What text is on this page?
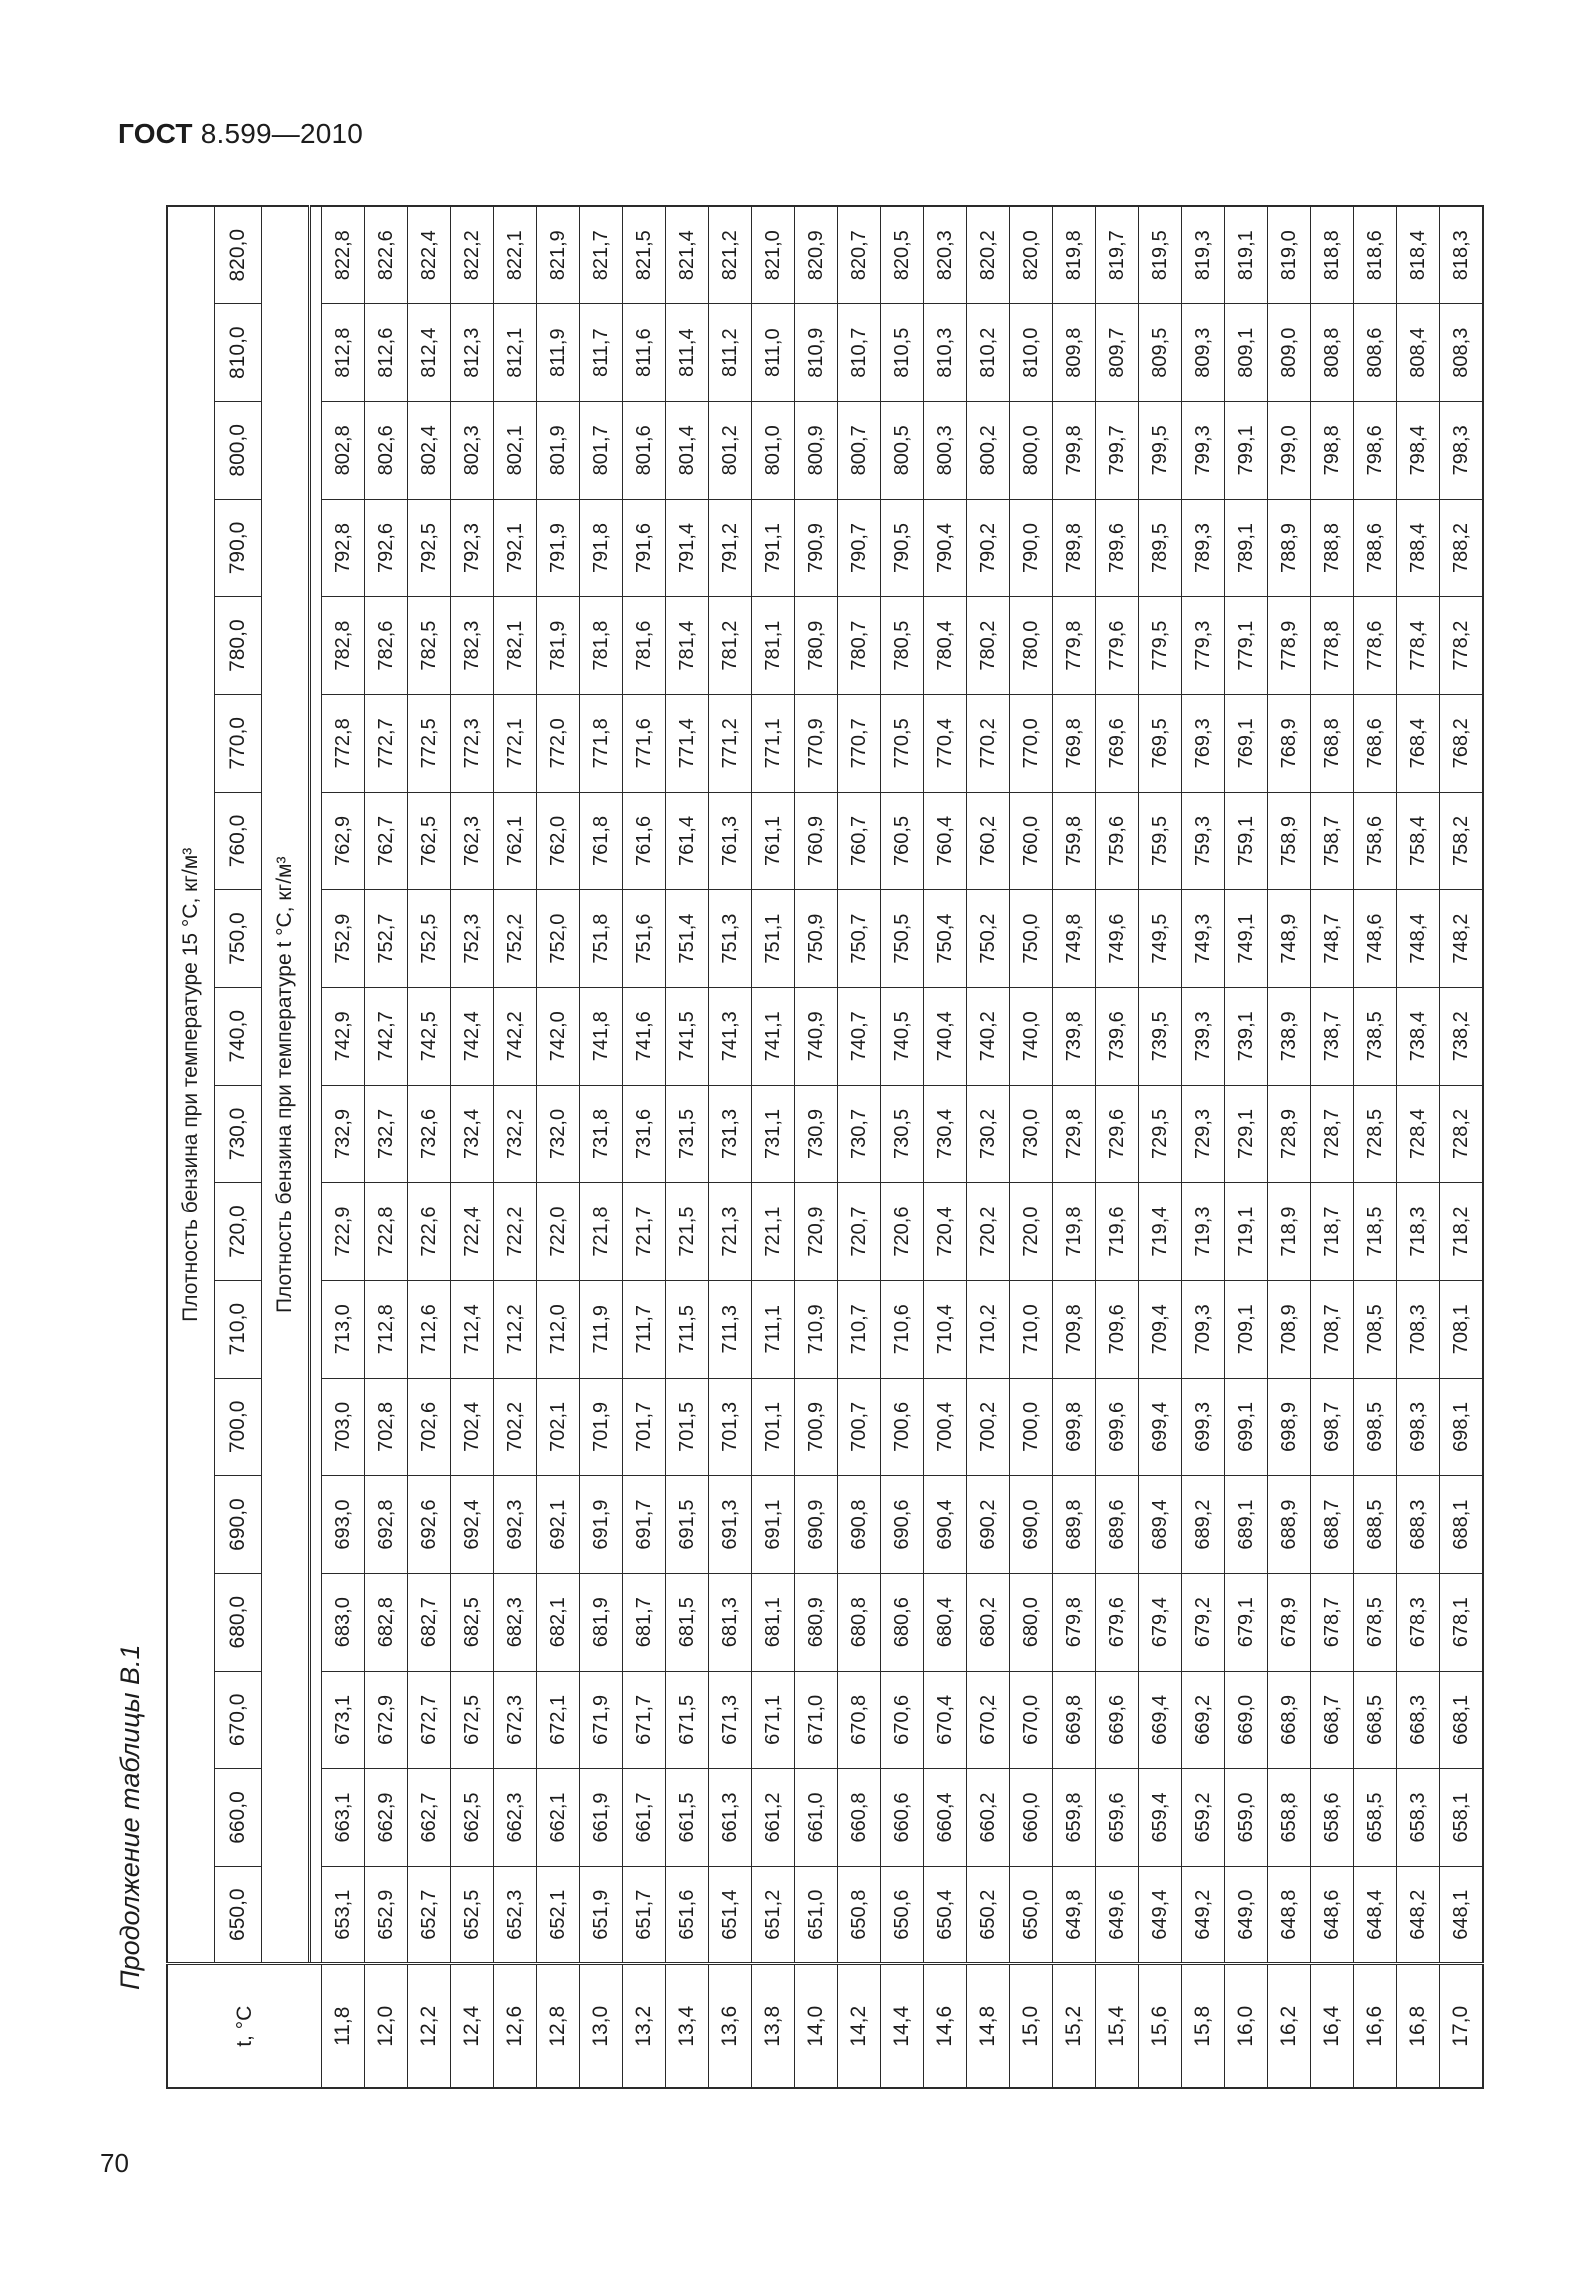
ГОСТ 8.599—2010
70
Продолжение таблицы В.1
t, °C	Плотность бензина при температуре 15 °C, кг/м³																	
	650,0	660,0	670,0	680,0	690,0	700,0	710,0	720,0	730,0	740,0	750,0	760,0	770,0	780,0	790,0	800,0	810,0	820,0
	Плотность бензина при температуре t °C, кг/м³																	

11,8	653,1	663,1	673,1	683,0	693,0	703,0	713,0	722,9	732,9	742,9	752,9	762,9	772,8	782,8	792,8	802,8	812,8	822,8
12,0	652,9	662,9	672,9	682,8	692,8	702,8	712,8	722,8	732,7	742,7	752,7	762,7	772,7	782,6	792,6	802,6	812,6	822,6
12,2	652,7	662,7	672,7	682,7	692,6	702,6	712,6	722,6	732,6	742,5	752,5	762,5	772,5	782,5	792,5	802,4	812,4	822,4
12,4	652,5	662,5	672,5	682,5	692,4	702,4	712,4	722,4	732,4	742,4	752,3	762,3	772,3	782,3	792,3	802,3	812,3	822,2
12,6	652,3	662,3	672,3	682,3	692,3	702,2	712,2	722,2	732,2	742,2	752,2	762,1	772,1	782,1	792,1	802,1	812,1	822,1
12,8	652,1	662,1	672,1	682,1	692,1	702,1	712,0	722,0	732,0	742,0	752,0	762,0	772,0	781,9	791,9	801,9	811,9	821,9
13,0	651,9	661,9	671,9	681,9	691,9	701,9	711,9	721,8	731,8	741,8	751,8	761,8	771,8	781,8	791,8	801,7	811,7	821,7
13,2	651,7	661,7	671,7	681,7	691,7	701,7	711,7	721,7	731,6	741,6	751,6	761,6	771,6	781,6	791,6	801,6	811,6	821,5
13,4	651,6	661,5	671,5	681,5	691,5	701,5	711,5	721,5	731,5	741,5	751,4	761,4	771,4	781,4	791,4	801,4	811,4	821,4
13,6	651,4	661,3	671,3	681,3	691,3	701,3	711,3	721,3	731,3	741,3	751,3	761,3	771,2	781,2	791,2	801,2	811,2	821,2
13,8	651,2	661,2	671,1	681,1	691,1	701,1	711,1	721,1	731,1	741,1	751,1	761,1	771,1	781,1	791,1	801,0	811,0	821,0
14,0	651,0	661,0	671,0	680,9	690,9	700,9	710,9	720,9	730,9	740,9	750,9	760,9	770,9	780,9	790,9	800,9	810,9	820,9
14,2	650,8	660,8	670,8	680,8	690,8	700,7	710,7	720,7	730,7	740,7	750,7	760,7	770,7	780,7	790,7	800,7	810,7	820,7
14,4	650,6	660,6	670,6	680,6	690,6	700,6	710,6	720,6	730,5	740,5	750,5	760,5	770,5	780,5	790,5	800,5	810,5	820,5
14,6	650,4	660,4	670,4	680,4	690,4	700,4	710,4	720,4	730,4	740,4	750,4	760,4	770,4	780,4	790,4	800,3	810,3	820,3
14,8	650,2	660,2	670,2	680,2	690,2	700,2	710,2	720,2	730,2	740,2	750,2	760,2	770,2	780,2	790,2	800,2	810,2	820,2
15,0	650,0	660,0	670,0	680,0	690,0	700,0	710,0	720,0	730,0	740,0	750,0	760,0	770,0	780,0	790,0	800,0	810,0	820,0
15,2	649,8	659,8	669,8	679,8	689,8	699,8	709,8	719,8	729,8	739,8	749,8	759,8	769,8	779,8	789,8	799,8	809,8	819,8
15,4	649,6	659,6	669,6	679,6	689,6	699,6	709,6	719,6	729,6	739,6	749,6	759,6	769,6	779,6	789,6	799,7	809,7	819,7
15,6	649,4	659,4	669,4	679,4	689,4	699,4	709,4	719,4	729,5	739,5	749,5	759,5	769,5	779,5	789,5	799,5	809,5	819,5
15,8	649,2	659,2	669,2	679,2	689,2	699,3	709,3	719,3	729,3	739,3	749,3	759,3	769,3	779,3	789,3	799,3	809,3	819,3
16,0	649,0	659,0	669,0	679,1	689,1	699,1	709,1	719,1	729,1	739,1	749,1	759,1	769,1	779,1	789,1	799,1	809,1	819,1
16,2	648,8	658,8	668,9	678,9	688,9	698,9	708,9	718,9	728,9	738,9	748,9	758,9	768,9	778,9	788,9	799,0	809,0	819,0
16,4	648,6	658,6	668,7	678,7	688,7	698,7	708,7	718,7	728,7	738,7	748,7	758,7	768,8	778,8	788,8	798,8	808,8	818,8
16,6	648,4	658,5	668,5	678,5	688,5	698,5	708,5	718,5	728,5	738,5	748,6	758,6	768,6	778,6	788,6	798,6	808,6	818,6
16,8	648,2	658,3	668,3	678,3	688,3	698,3	708,3	718,3	728,4	738,4	748,4	758,4	768,4	778,4	788,4	798,4	808,4	818,4
17,0	648,1	658,1	668,1	678,1	688,1	698,1	708,1	718,2	728,2	738,2	748,2	758,2	768,2	778,2	788,2	798,3	808,3	818,3
